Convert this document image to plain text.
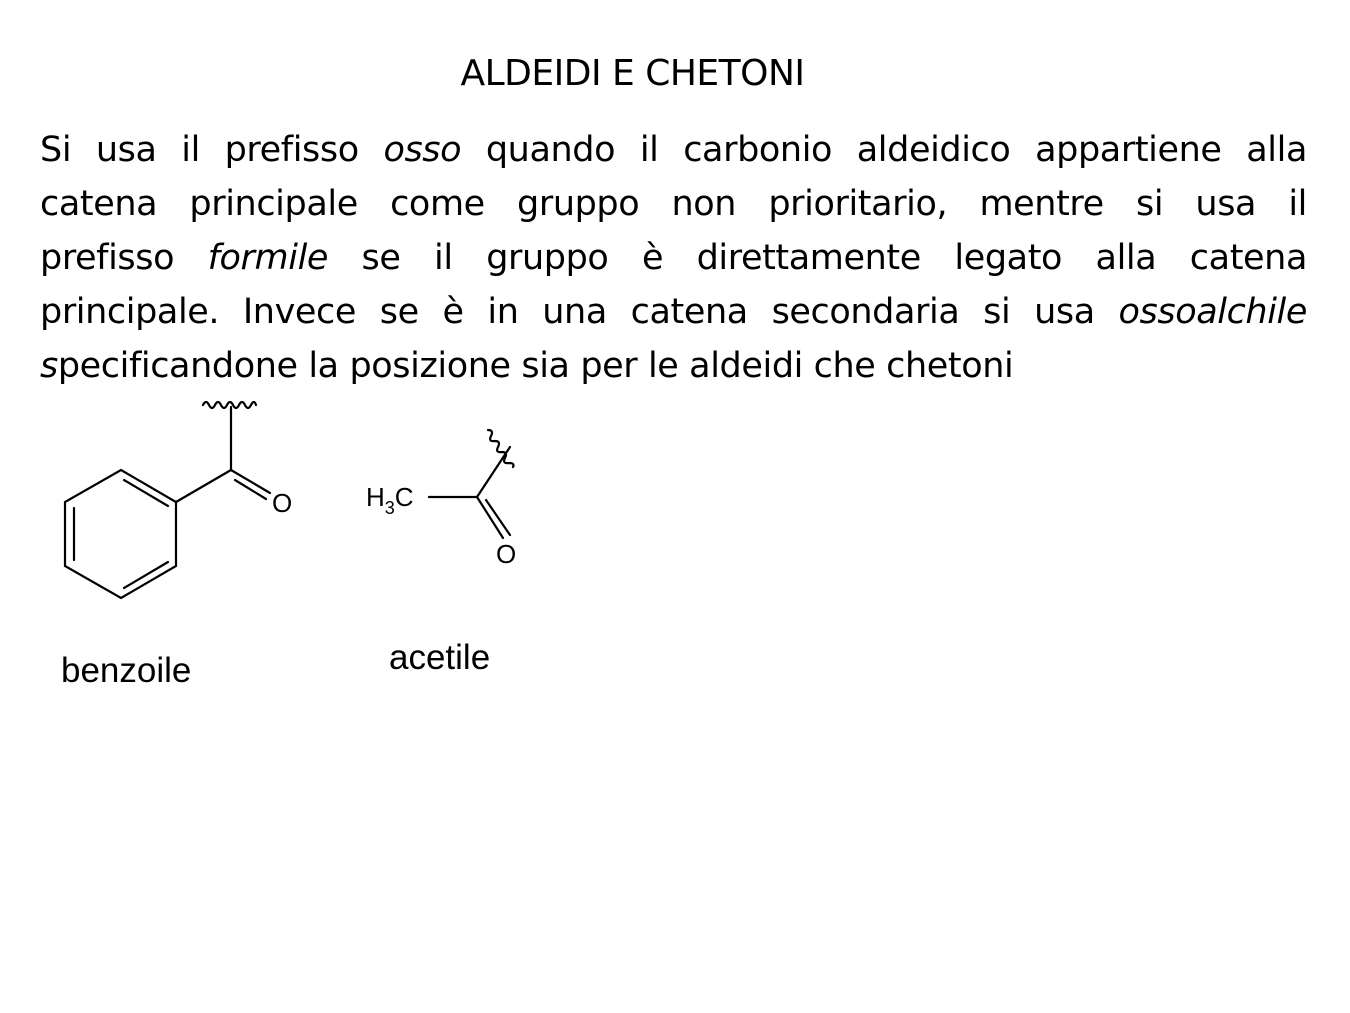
ALDEIDI E CHETONI
Si usa il prefisso osso quando il carbonio aldeidico appartiene alla
catena principale come gruppo non prioritario, mentre si usa il
prefisso formile se il gruppo è direttamente legato alla catena
principale. Invece se è in una catena secondaria si usa ossoalchile
specificandone la posizione sia per le aldeidi che chetoni
O	$H_3C$
O
benzoile	acetile
